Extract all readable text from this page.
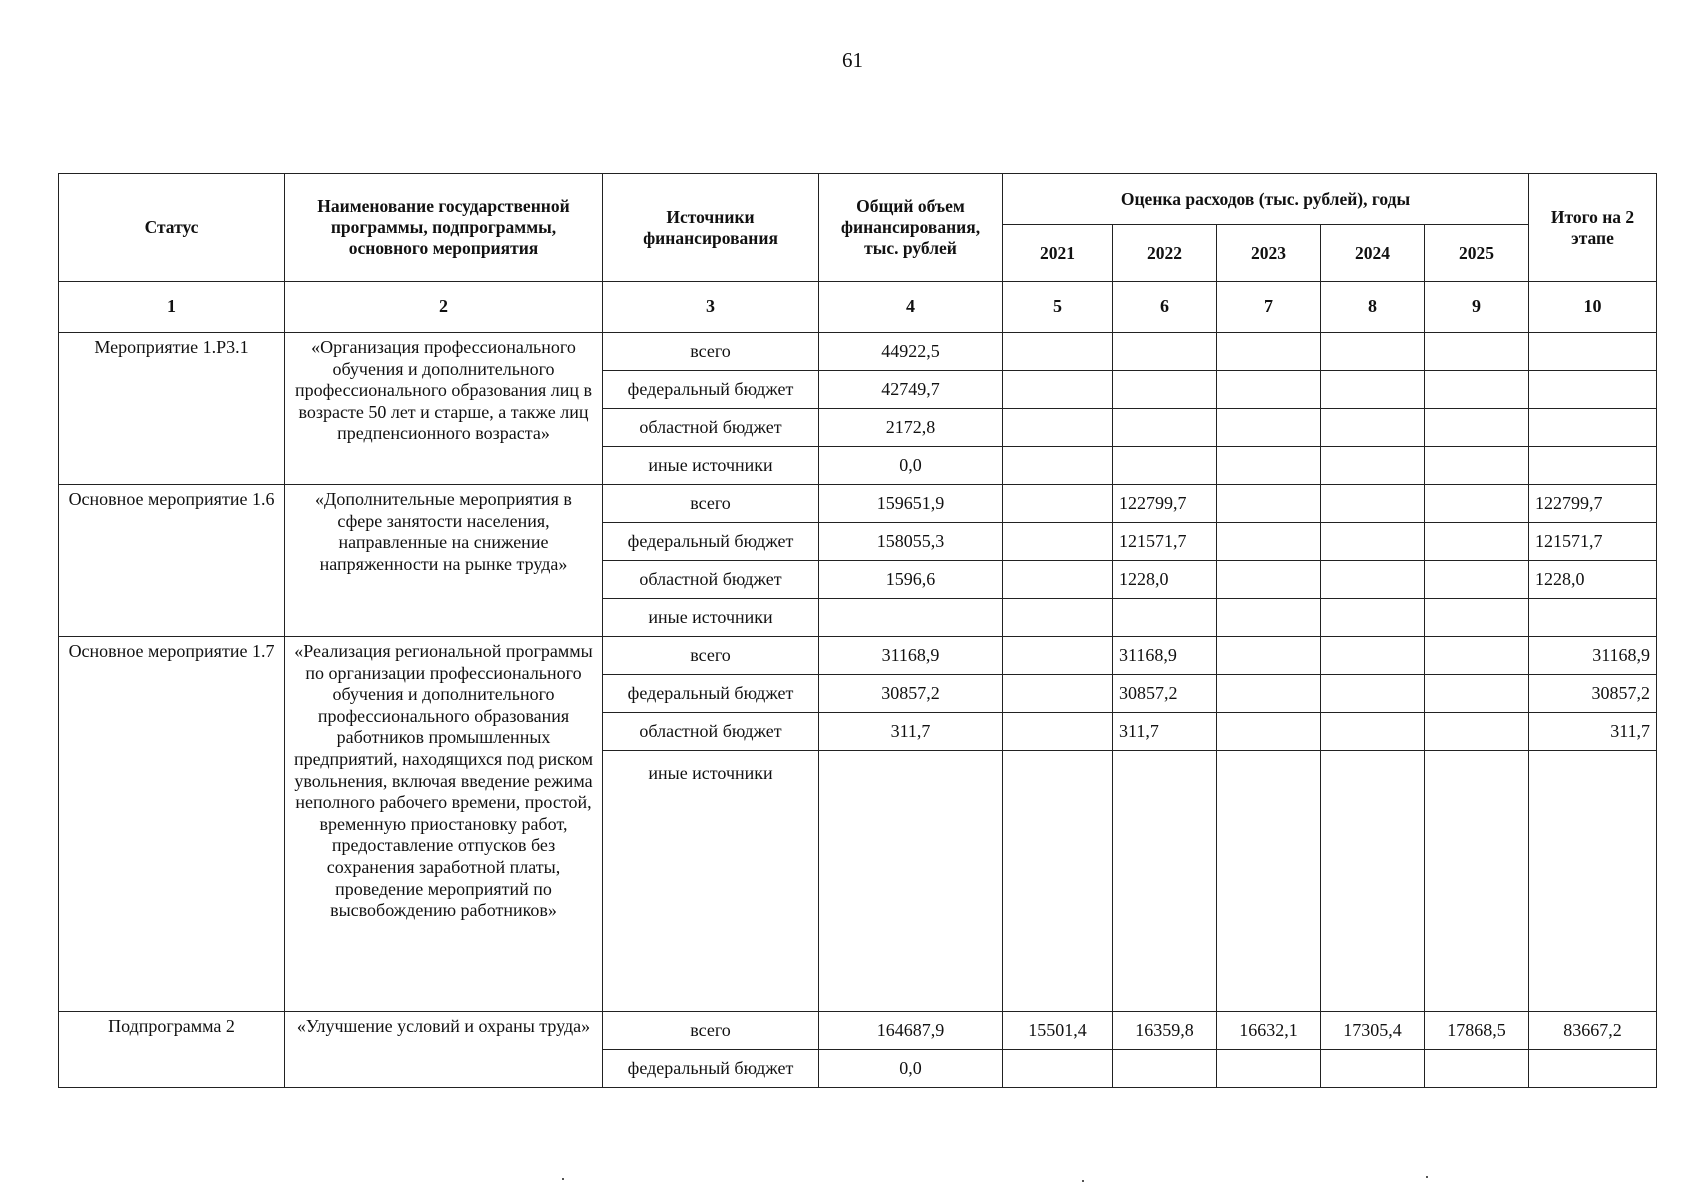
61
Статус	Наименование государственной программы, подпрограммы, основного мероприятия	Источники финансирования	Общий объем финансирования, тыс. рублей	Оценка расходов (тыс. рублей), годы					Итого на 2 этапе
				2021	2022	2023	2024	2025	
1	2	3	4	5	6	7	8	9	10
Мероприятие 1.Р3.1	«Организация профессионального обучения и дополнительного профессионального образования лиц в возрасте 50 лет и старше, а также лиц предпенсионного возраста»	всего	44922,5						
		федеральный бюджет	42749,7						
		областной бюджет	2172,8						
		иные источники	0,0						
Основное мероприятие 1.6	«Дополнительные мероприятия в сфере занятости населения, направленные на снижение напряженности на рынке труда»	всего	159651,9		122799,7				122799,7
		федеральный бюджет	158055,3		121571,7				121571,7
		областной бюджет	1596,6		1228,0				1228,0
		иные источники							
Основное мероприятие 1.7	«Реализация региональной программы по организации профессионального обучения и дополнительного профессионального образования работников промышленных предприятий, находящихся под риском увольнения, включая введение режима неполного рабочего времени, простой, временную приостановку работ, предоставление отпусков без сохранения заработной платы, проведение мероприятий по высвобождению работников»	всего	31168,9		31168,9				31168,9
		федеральный бюджет	30857,2		30857,2				30857,2
		областной бюджет	311,7		311,7				311,7
		иные источники							
Подпрограмма 2	«Улучшение условий и охраны труда»	всего	164687,9	15501,4	16359,8	16632,1	17305,4	17868,5	83667,2
		федеральный бюджет	0,0						
